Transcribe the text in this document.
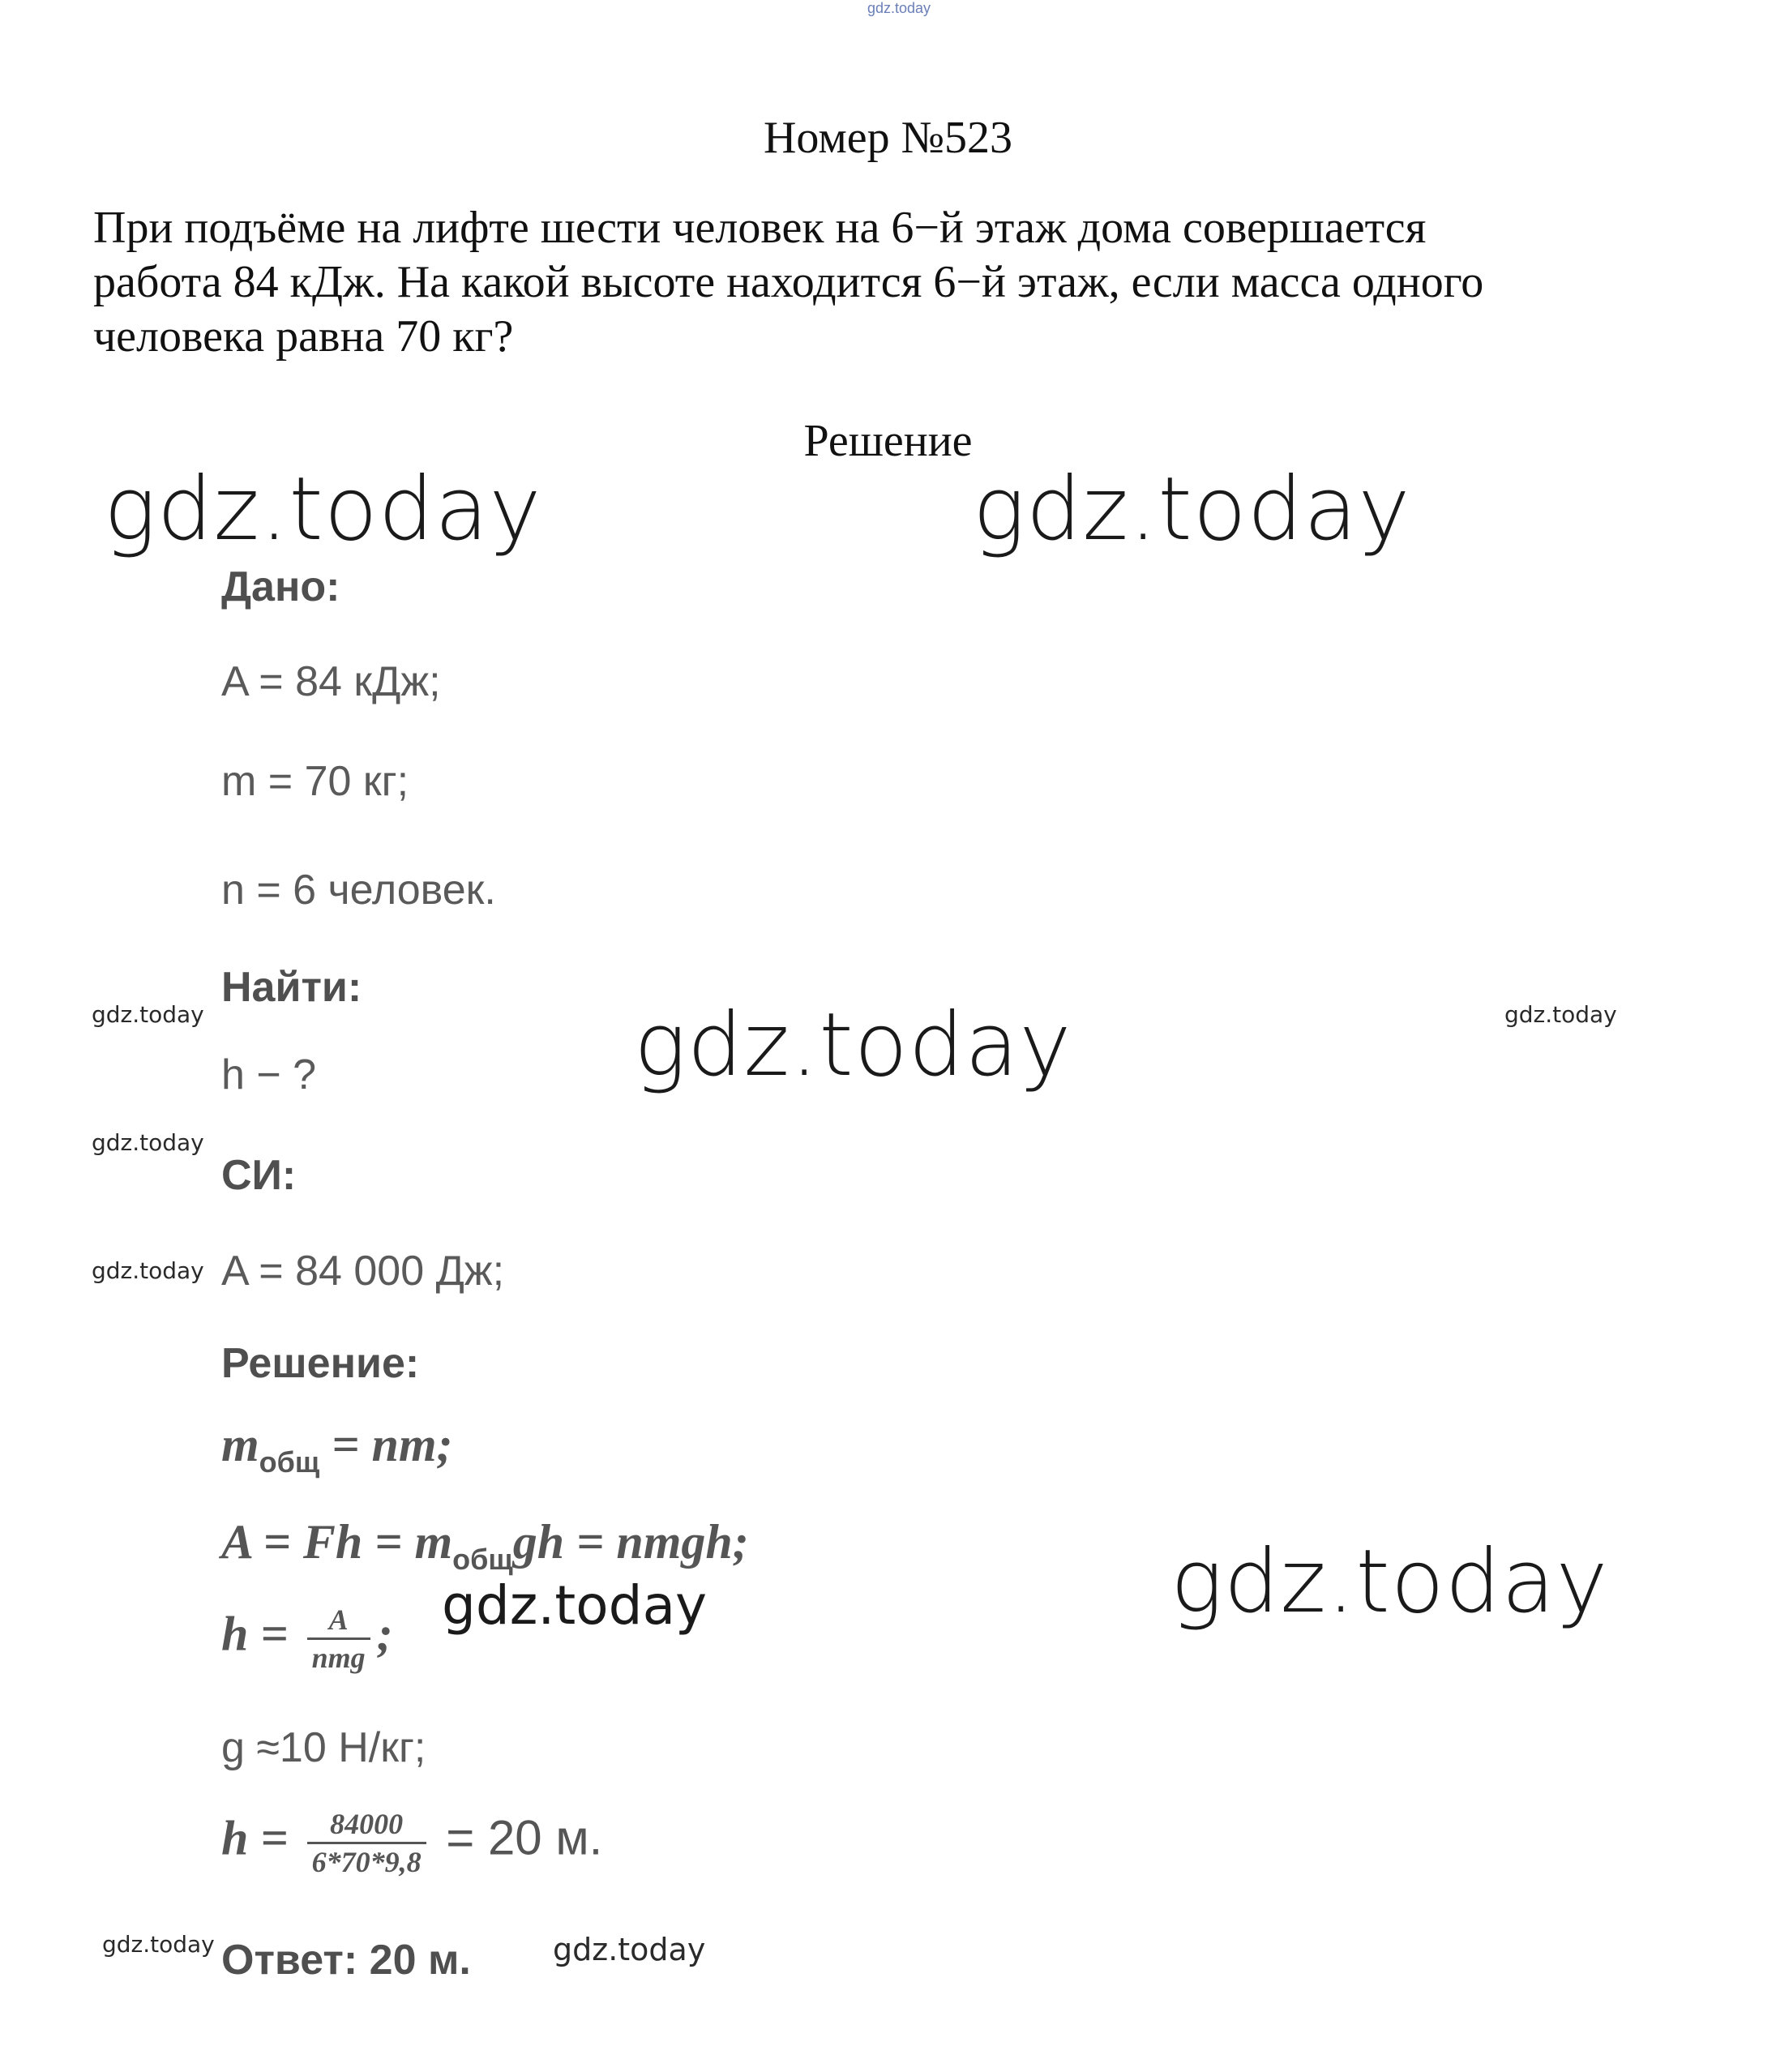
gdz.today
Номер №523
При подъёме на лифте шести человек на 6−й этаж дома совершается
работа 84 кДж. На какой высоте находится 6−й этаж, если масса одного
человека равна 70 кг?
Решение
gdz.today	gdz.today
gdz.today
gdz.today
gdz.today
gdz.today	gdz.today
gdz.today
gdz.today
gdz.today	gdz.today
Дано:
A = 84 кДж;
m = 70 кг;
n = 6 человек.
Найти:
h − ?
СИ:
A = 84 000 Дж;
Решение:
$m_{общ}$ = nm;
$A = Fh = m_{общ}gh$ = nmgh;
$h = \frac{A}{\text{nmg}}$ ;
g ≈10 Н/кг;
$h = \frac{84000}{6*70*9,8} = 20$ м.
Ответ: 20 м.
